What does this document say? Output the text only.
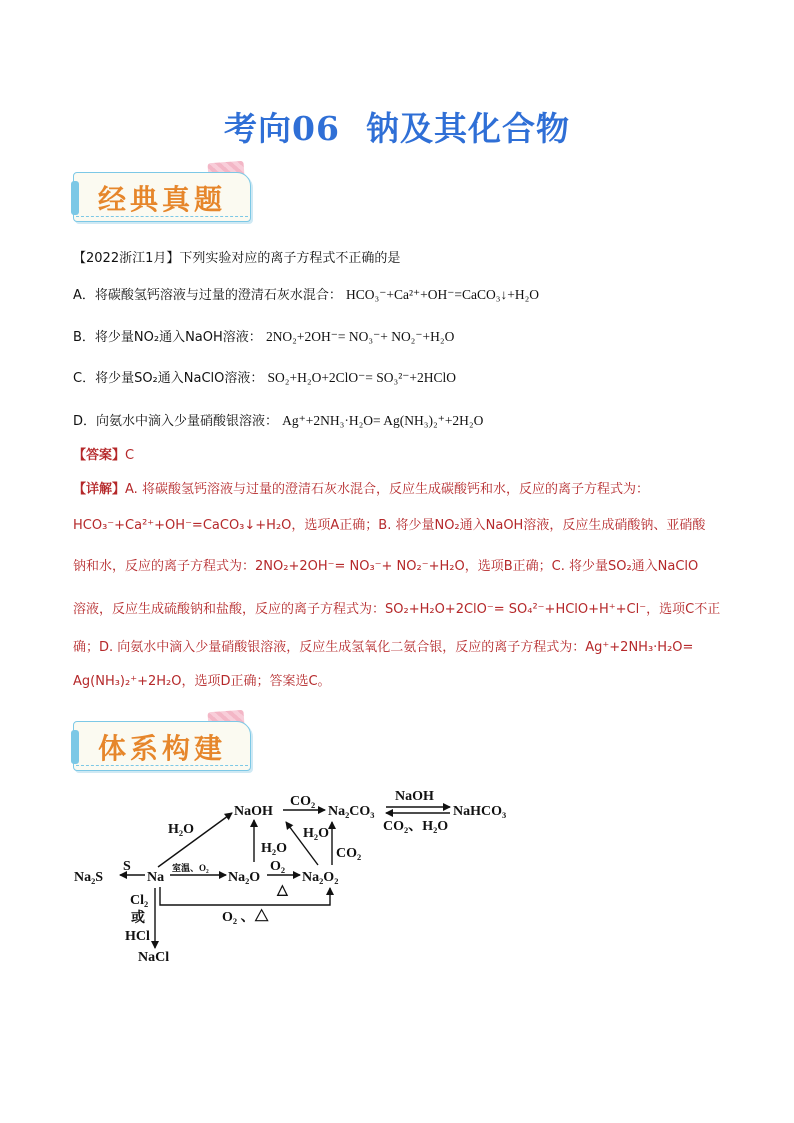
考向06 钠及其化合物
经典真题
【2022浙江1月】下列实验对应的离子方程式不正确的是
A．将碳酸氢钙溶液与过量的澄清石灰水混合： HCO₃⁻+Ca²⁺+OH⁻=CaCO₃↓+H₂O
B．将少量NO₂通入NaOH溶液： 2NO₂+2OH⁻= NO₃⁻+ NO₂⁻+H₂O
C．将少量SO₂通入NaClO溶液： SO₂+H₂O+2ClO⁻= SO₃²⁻+2HClO
D．向氨水中滴入少量硝酸银溶液： Ag⁺+2NH₃·H₂O= Ag(NH₃)₂⁺+2H₂O
【答案】C
【详解】A. 将碳酸氢钙溶液与过量的澄清石灰水混合，反应生成碳酸钙和水，反应的离子方程式为：
HCO₃⁻+Ca²⁺+OH⁻=CaCO₃↓+H₂O，选项A正确；B. 将少量NO₂通入NaOH溶液，反应生成硝酸钠、亚硝酸
钠和水，反应的离子方程式为：2NO₂+2OH⁻= NO₃⁻+ NO₂⁻+H₂O，选项B正确；C. 将少量SO₂通入NaClO
溶液，反应生成硫酸钠和盐酸，反应的离子方程式为：SO₂+H₂O+2ClO⁻= SO₄²⁻+HClO+H⁺+Cl⁻，选项C不正
确；D. 向氨水中滴入少量硝酸银溶液，反应生成氢氧化二氨合银，反应的离子方程式为：Ag⁺+2NH₃·H₂O=
Ag(NH₃)₂⁺+2H₂O，选项D正确；答案选C。
体系构建
Na₂S	Na
NaOH
Na₂O	Na₂O₂
Na₂CO₃	NaHCO₃
NaCl
S
H₂O
室温、O₂	O₂
△
H₂O
CO₂
H₂O
CO₂
NaOH
CO₂、H₂O
Cl₂
或
HCl
O₂ 、△
